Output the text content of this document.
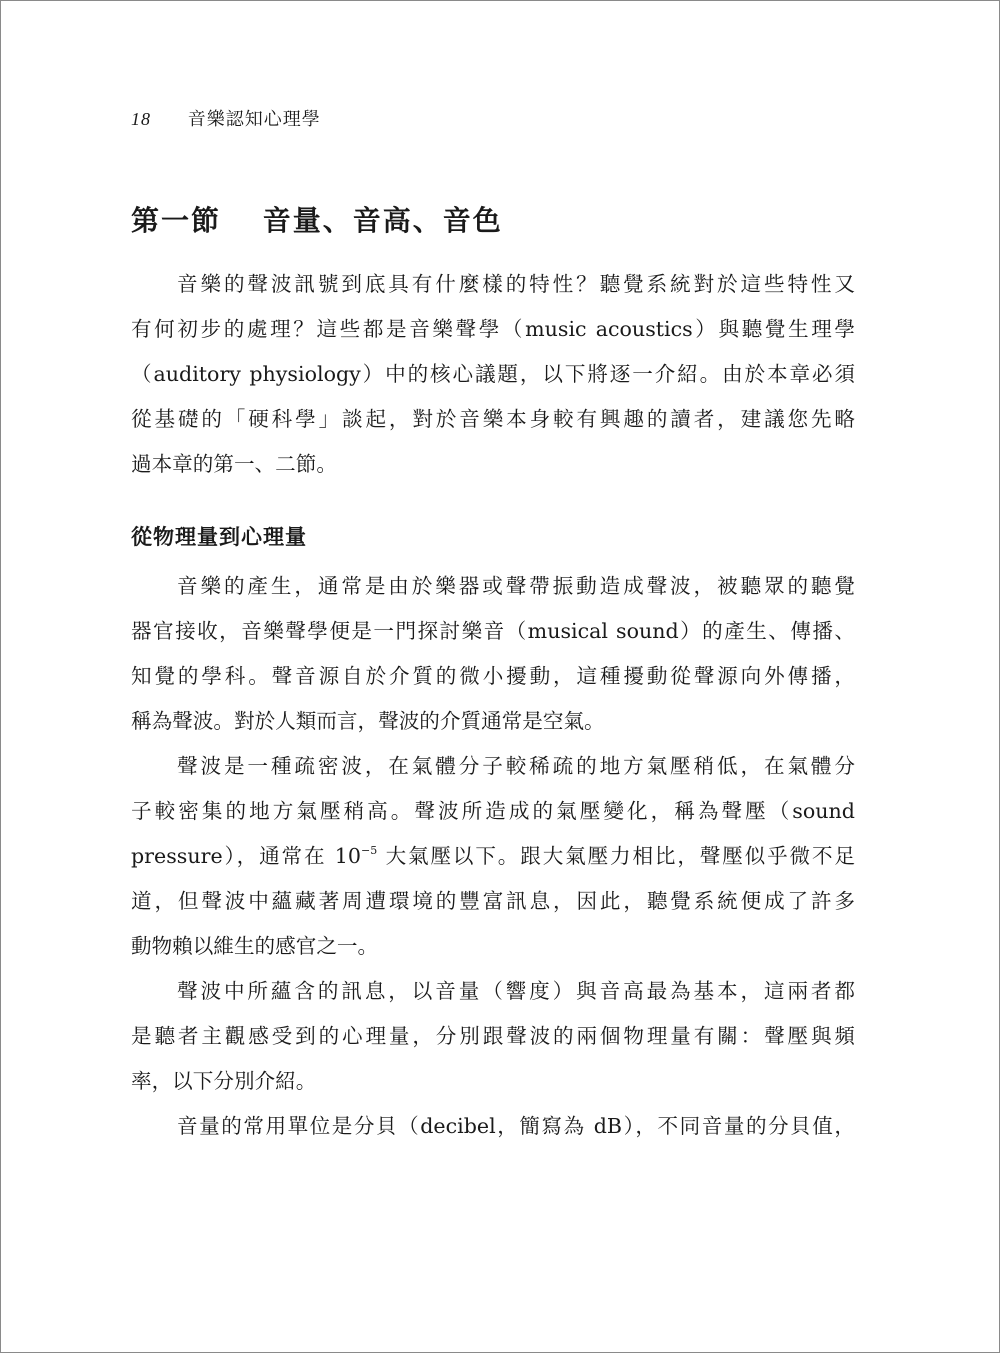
18 音樂認知心理學
第一節 音量、音高、音色
音樂的聲波訊號到底具有什麼樣的特性？聽覺系統對於這些特性又
有何初步的處理？這些都是音樂聲學（music acoustics）與聽覺生理學
（auditory physiology）中的核心議題，以下將逐一介紹。由於本章必須
從基礎的「硬科學」談起，對於音樂本身較有興趣的讀者，建議您先略
過本章的第一、二節。
從物理量到心理量
音樂的產生，通常是由於樂器或聲帶振動造成聲波，被聽眾的聽覺
器官接收，音樂聲學便是一門探討樂音（musical sound）的產生、傳播、
知覺的學科。聲音源自於介質的微小擾動，這種擾動從聲源向外傳播，
稱為聲波。對於人類而言，聲波的介質通常是空氣。
聲波是一種疏密波，在氣體分子較稀疏的地方氣壓稍低，在氣體分
子較密集的地方氣壓稍高。聲波所造成的氣壓變化，稱為聲壓（sound
pressure），通常在 $10^{-5}$ 大氣壓以下。跟大氣壓力相比，聲壓似乎微不足
道，但聲波中蘊藏著周遭環境的豐富訊息，因此，聽覺系統便成了許多
動物賴以維生的感官之一。
聲波中所蘊含的訊息，以音量（響度）與音高最為基本，這兩者都
是聽者主觀感受到的心理量，分別跟聲波的兩個物理量有關：聲壓與頻
率，以下分別介紹。
音量的常用單位是分貝（decibel，簡寫為 dB），不同音量的分貝值，
